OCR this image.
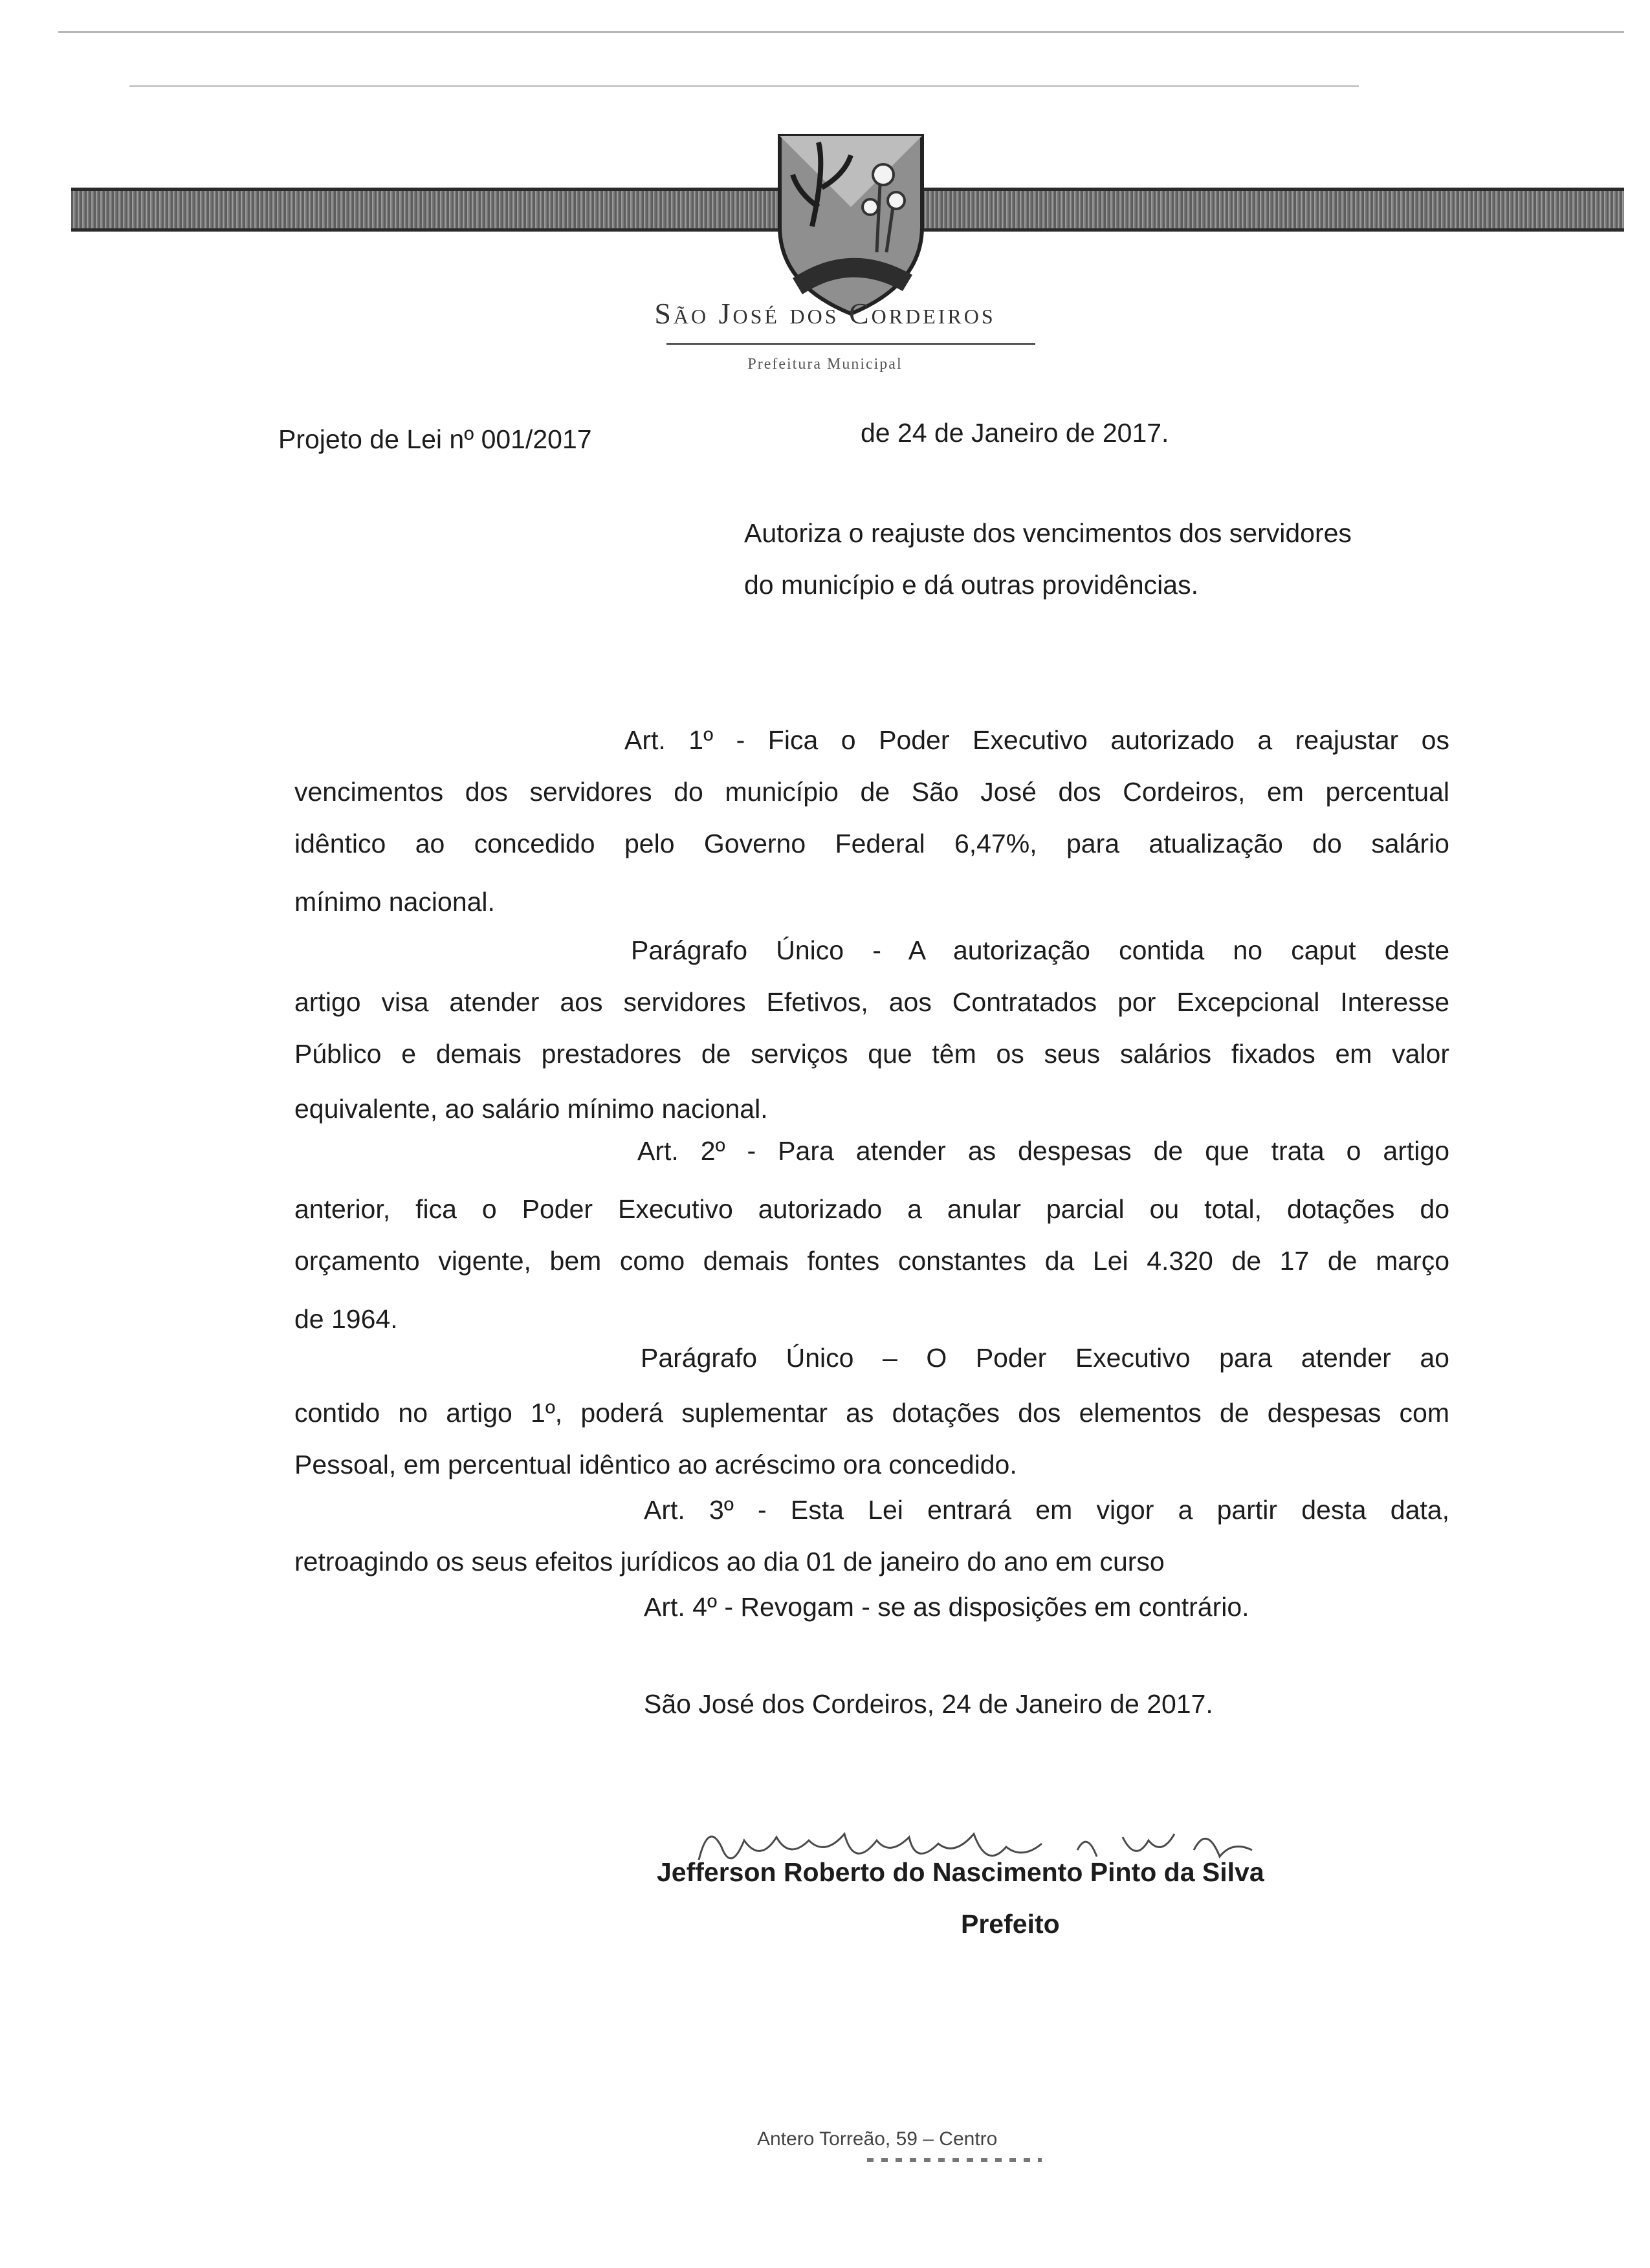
São José dos Cordeiros
Prefeitura Municipal
Projeto de Lei nº 001/2017	de 24 de Janeiro de 2017.
Autoriza o reajuste dos vencimentos dos servidores
do município e dá outras providências.
Art. 1º - Fica o Poder Executivo autorizado a reajustar os
vencimentos dos servidores do município de São José dos Cordeiros, em percentual
idêntico ao concedido pelo Governo Federal 6,47%, para atualização do salário
mínimo nacional.
Parágrafo Único - A autorização contida no caput deste
artigo visa atender aos servidores Efetivos, aos Contratados por Excepcional Interesse
Público e demais prestadores de serviços que têm os seus salários fixados em valor
equivalente, ao salário mínimo nacional.
Art. 2º - Para atender as despesas de que trata o artigo
anterior, fica o Poder Executivo autorizado a anular parcial ou total, dotações do
orçamento vigente, bem como demais fontes constantes da Lei 4.320 de 17 de março
de 1964.
Parágrafo Único – O Poder Executivo para atender ao
contido no artigo 1º, poderá suplementar as dotações dos elementos de despesas com
Pessoal, em percentual idêntico ao acréscimo ora concedido.
Art. 3º - Esta Lei entrará em vigor a partir desta data,
retroagindo os seus efeitos jurídicos ao dia 01 de janeiro do ano em curso
Art. 4º - Revogam - se as disposições em contrário.
São José dos Cordeiros, 24 de Janeiro de 2017.
Jefferson Roberto do Nascimento Pinto da Silva
Prefeito
Antero Torreão, 59 – Centro
